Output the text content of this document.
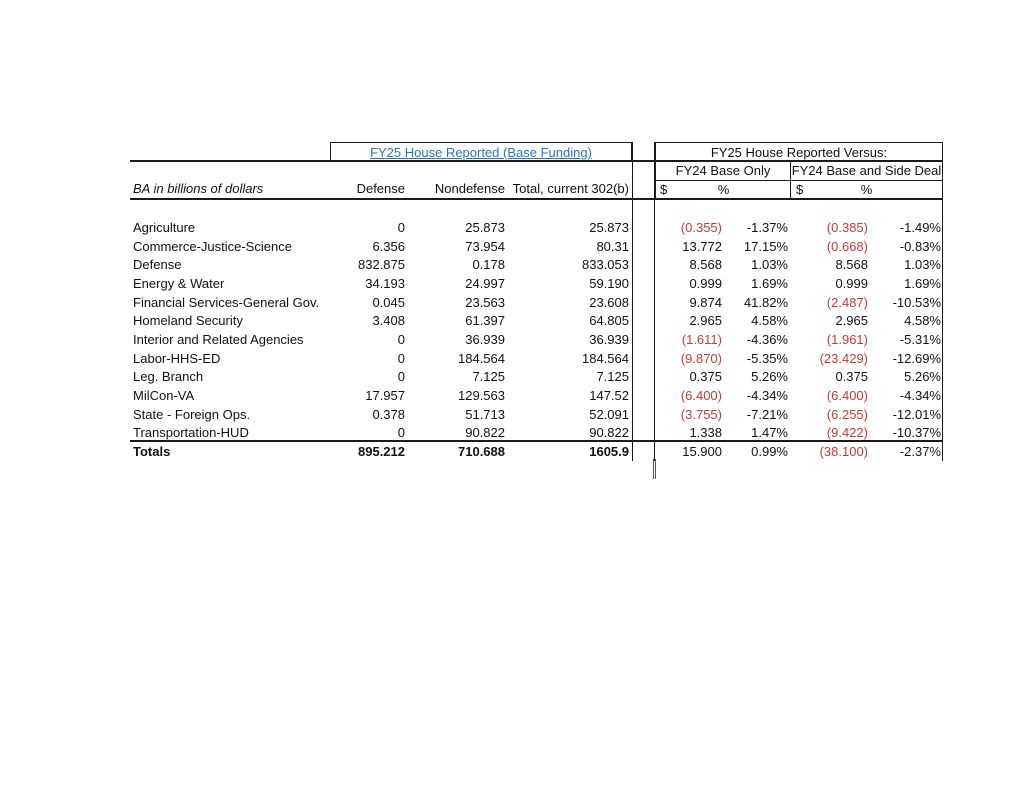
FY25 House Reported (Base Funding)	FY25 House Reported Versus:
FY24 Base Only	FY24 Base and Side Deal
$	%	$	%
BA in billions of dollars	Defense	Nondefense Total, current 302(b)
Agriculture	0	25.873	25.873	(0.355)	-1.37%	(0.385)	-1.49%
Commerce-Justice-Science	6.356	73.954	80.31	13.772	17.15%	(0.668)	-0.83%
Defense	832.875	0.178	833.053	8.568	1.03%	8.568	1.03%
Energy & Water	34.193	24.997	59.190	0.999	1.69%	0.999	1.69%
Financial Services-General Gov.	0.045	23.563	23.608	9.874	41.82%	(2.487)	-10.53%
Homeland Security	3.408	61.397	64.805	2.965	4.58%	2.965	4.58%
Interior and Related Agencies	0	36.939	36.939	(1.611)	-4.36%	(1.961)	-5.31%
Labor-HHS-ED	0	184.564	184.564	(9.870)	-5.35%	(23.429)	-12.69%
Leg. Branch	0	7.125	7.125	0.375	5.26%	0.375	5.26%
MilCon-VA	17.957	129.563	147.52	(6.400)	-4.34%	(6.400)	-4.34%
State - Foreign Ops.	0.378	51.713	52.091	(3.755)	-7.21%	(6.255)	-12.01%
Transportation-HUD	0	90.822	90.822	1.338	1.47%	(9.422)	-10.37%
Totals	895.212	710.688	1605.9	15.900	0.99%	(38.100)	-2.37%
